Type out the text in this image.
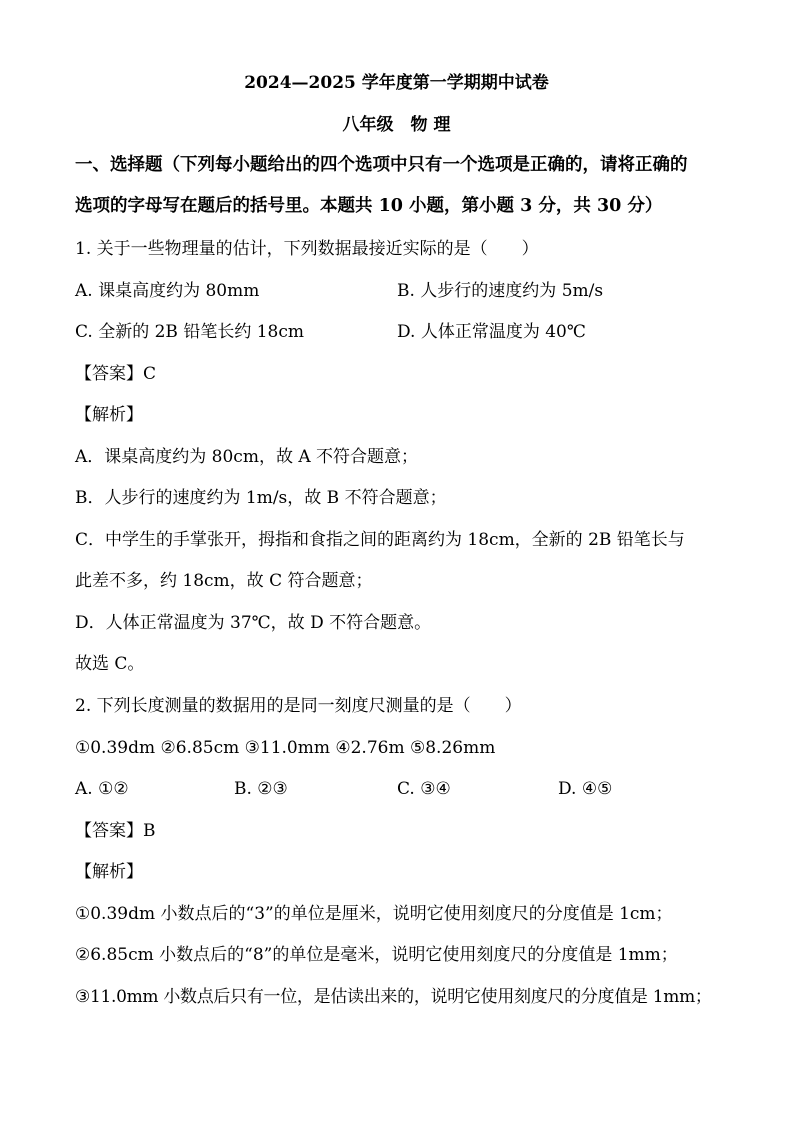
2024—2025 学年度第一学期期中试卷
八年级　物 理
一、选择题（下列每小题给出的四个选项中只有一个选项是正确的，请将正确的
选项的字母写在题后的括号里。本题共 10 小题，第小题 3 分，共 30 分）
1. 关于一些物理量的估计，下列数据最接近实际的是（　　）
A. 课桌高度约为 80mm	B. 人步行的速度约为 5m/s
C. 全新的 2B 铅笔长约 18cm	D. 人体正常温度为 40℃
【答案】C
【解析】
A．课桌高度约为 80cm，故 A 不符合题意；
B．人步行的速度约为 1m/s，故 B 不符合题意；
C．中学生的手掌张开，拇指和食指之间的距离约为 18cm，全新的 2B 铅笔长与
此差不多，约 18cm，故 C 符合题意；
D．人体正常温度为 37℃，故 D 不符合题意。
故选 C。
2. 下列长度测量的数据用的是同一刻度尺测量的是（　　）
①0.39dm ②6.85cm ③11.0mm ④2.76m ⑤8.26mm
A. ①②	B. ②③	C. ③④	D. ④⑤
【答案】B
【解析】
①0.39dm 小数点后的“3”的单位是厘米，说明它使用刻度尺的分度值是 1cm；
②6.85cm 小数点后的“8”的单位是毫米，说明它使用刻度尺的分度值是 1mm；
③11.0mm 小数点后只有一位，是估读出来的，说明它使用刻度尺的分度值是 1mm；
